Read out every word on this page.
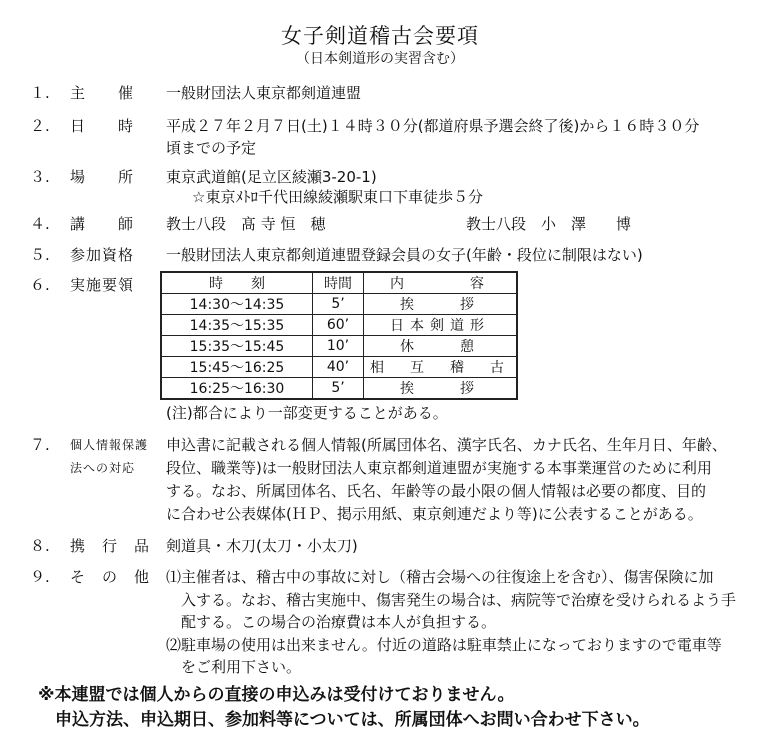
女子剣道稽古会要項
（日本剣道形の実習含む）
１. 主　　催 一般財団法人東京都剣道連盟
２. 日　　時 平成２７年２月７日(土)１４時３０分(都道府県予選会終了後)から１６時３０分
頃までの予定
３. 場　　所 東京武道館(足立区綾瀬3-20-1)
☆東京ﾒﾄﾛ千代田線綾瀬駅東口下車徒歩５分
４. 講　　師 教士八段　髙 寺 恒　穂	教士八段　小　澤　　博
５. 参加資格 一般財団法人東京都剣道連盟登録会員の女子(年齢・段位に制限はない)
６. 実施要領	時　　刻	時間	内　　　容
14:30～14:35	5’	挨　　拶
14:35～15:35	60’	日本剣道形
15:35～15:45	10’	休　　憩
15:45～16:25	40’	相　互　稽　古
16:25～16:30	5’	挨　　拶
(注)都合により一部変更することがある。
７. 個人情報保護
法への対応
申込書に記載される個人情報(所属団体名、漢字氏名、カナ氏名、生年月日、年齢、
段位、職業等)は一般財団法人東京都剣道連盟が実施する本事業運営のために利用
する。なお、所属団体名、氏名、年齢等の最小限の個人情報は必要の都度、目的
に合わせ公表媒体(ＨＰ、掲示用紙、東京剣連だより等)に公表することがある。
８. 携　行　品 剣道具・木刀(太刀・小太刀)
９. そ　の　他 ⑴主催者は、稽古中の事故に対し（稽古会場への往復途上を含む）、傷害保険に加
　入する。なお、稽古実施中、傷害発生の場合は、病院等で治療を受けられるよう手
　配する。この場合の治療費は本人が負担する。
⑵駐車場の使用は出来ません。付近の道路は駐車禁止になっておりますので電車等
　をご利用下さい。
※本連盟では個人からの直接の申込みは受付けておりません。
　申込方法、申込期日、参加料等については、所属団体へお問い合わせ下さい。
